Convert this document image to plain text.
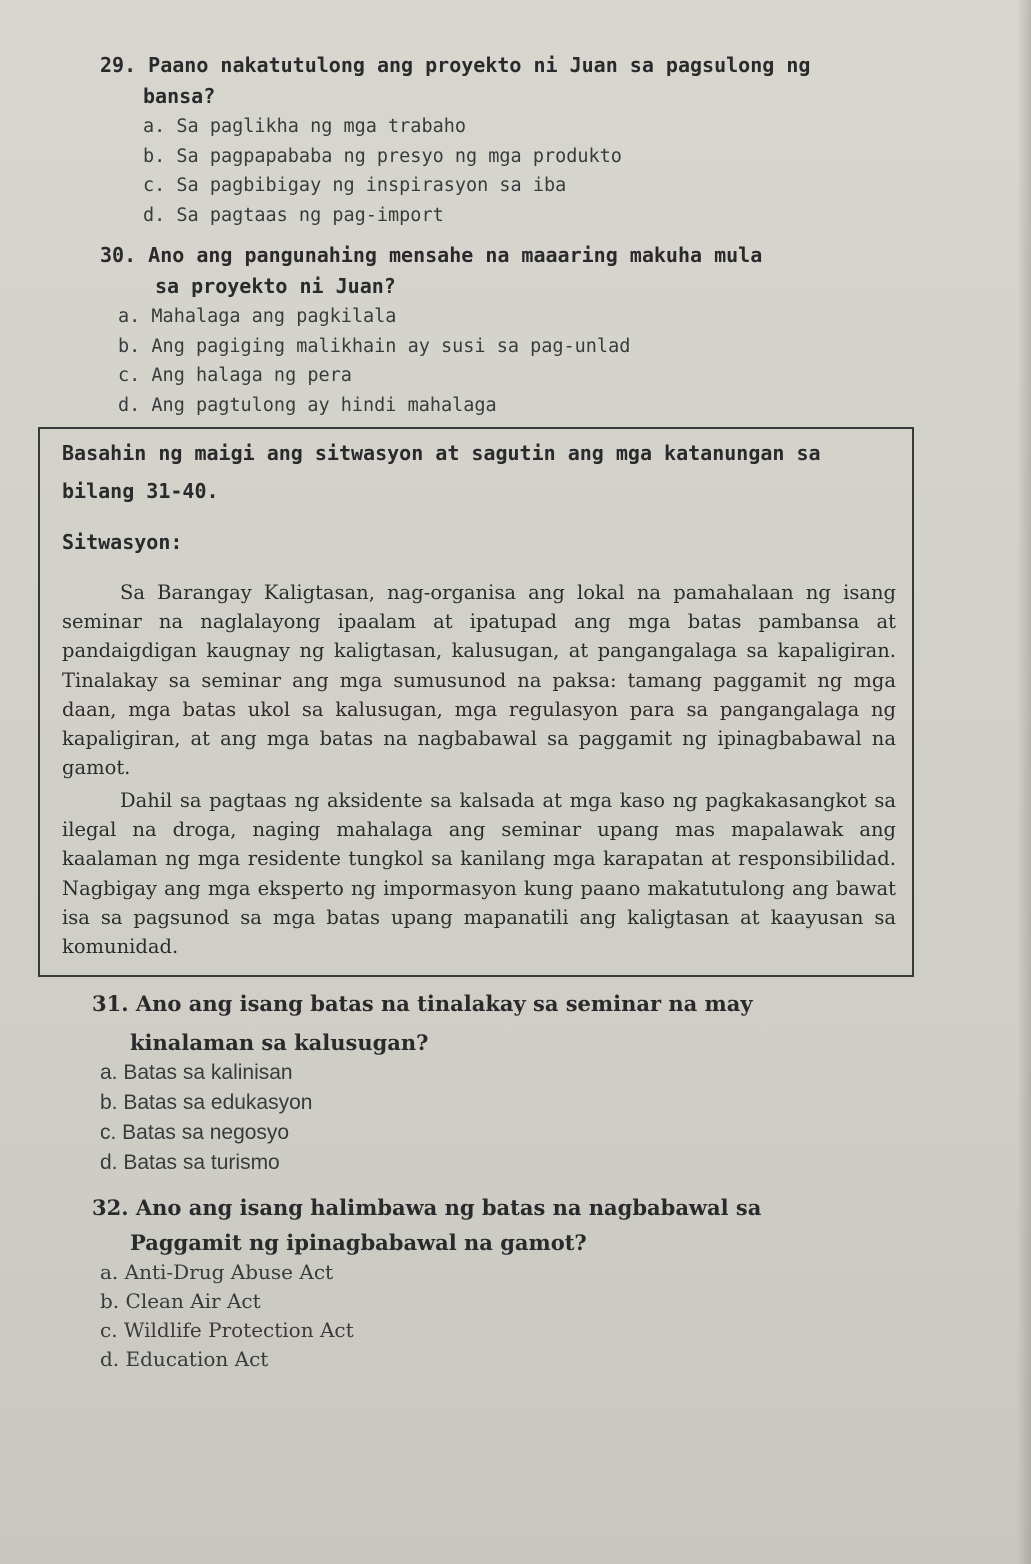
29. Paano nakatutulong ang proyekto ni Juan sa pagsulong ng
bansa?

a. Sa paglikha ng mga trabaho
b. Sa pagpapababa ng presyo ng mga produkto
c. Sa pagbibigay ng inspirasyon sa iba
d. Sa pagtaas ng pag-import

30. Ano ang pangunahing mensahe na maaaring makuha mula
sa proyekto ni Juan?

a. Mahalaga ang pagkilala
b. Ang pagiging malikhain ay susi sa pag-unlad
c. Ang halaga ng pera
d. Ang pagtulong ay hindi mahalaga

Basahin ng maigi ang sitwasyon at sagutin ang mga katanungan sa bilang 31-40.

Sitwasyon:

Sa Barangay Kaligtasan, nag-organisa ang lokal na pamahalaan ng isang seminar na naglalayong ipaalam at ipatupad ang mga batas pambansa at pandaigdigan kaugnay ng kaligtasan, kalusugan, at pangangalaga sa kapaligiran. Tinalakay sa seminar ang mga sumusunod na paksa: tamang paggamit ng mga daan, mga batas ukol sa kalusugan, mga regulasyon para sa pangangalaga ng kapaligiran, at ang mga batas na nagbabawal sa paggamit ng ipinagbabawal na gamot.

Dahil sa pagtaas ng aksidente sa kalsada at mga kaso ng pagkakasangkot sa ilegal na droga, naging mahalaga ang seminar upang mas mapalawak ang kaalaman ng mga residente tungkol sa kanilang mga karapatan at responsibilidad. Nagbigay ang mga eksperto ng impormasyon kung paano makatutulong ang bawat isa sa pagsunod sa mga batas upang mapanatili ang kaligtasan at kaayusan sa komunidad.

31. Ano ang isang batas na tinalakay sa seminar na may
kinalaman sa kalusugan?

a. Batas sa kalinisan
b. Batas sa edukasyon
c. Batas sa negosyo
d. Batas sa turismo

32. Ano ang isang halimbawa ng batas na nagbabawal sa
Paggamit ng ipinagbabawal na gamot?

a. Anti-Drug Abuse Act
b. Clean Air Act
c. Wildlife Protection Act
d. Education Act
